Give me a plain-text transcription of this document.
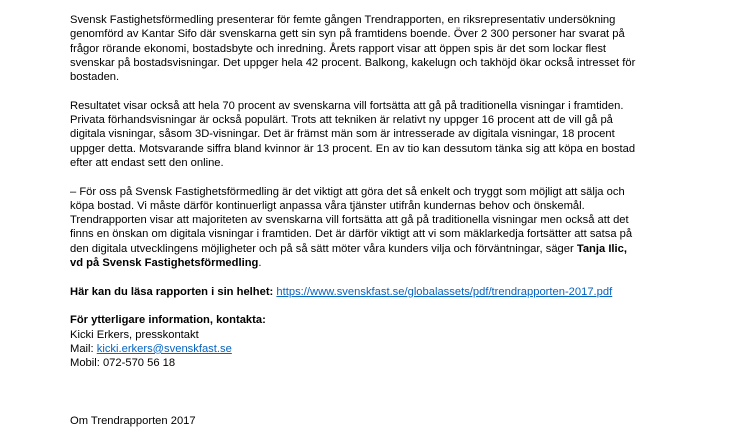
Svensk Fastighetsförmedling presenterar för femte gången Trendrapporten, en riksrepresentativ undersökning
genomförd av Kantar Sifo där svenskarna gett sin syn på framtidens boende. Över 2 300 personer har svarat på
frågor rörande ekonomi, bostadsbyte och inredning. Årets rapport visar att öppen spis är det som lockar flest
svenskar på bostadsvisningar. Det uppger hela 42 procent. Balkong, kakelugn och takhöjd ökar också intresset för
bostaden.

Resultatet visar också att hela 70 procent av svenskarna vill fortsätta att gå på traditionella visningar i framtiden.
Privata förhandsvisningar är också populärt. Trots att tekniken är relativt ny uppger 16 procent att de vill gå på
digitala visningar, såsom 3D-visningar. Det är främst män som är intresserade av digitala visningar, 18 procent
uppger detta. Motsvarande siffra bland kvinnor är 13 procent. En av tio kan dessutom tänka sig att köpa en bostad
efter att endast sett den online.

– För oss på Svensk Fastighetsförmedling är det viktigt att göra det så enkelt och tryggt som möjligt att sälja och
köpa bostad. Vi måste därför kontinuerligt anpassa våra tjänster utifrån kundernas behov och önskemål.
Trendrapporten visar att majoriteten av svenskarna vill fortsätta att gå på traditionella visningar men också att det
finns en önskan om digitala visningar i framtiden. Det är därför viktigt att vi som mäklarkedja fortsätter att satsa på
den digitala utvecklingens möjligheter och på så sätt möter våra kunders vilja och förväntningar, säger Tanja Ilic,
vd på Svensk Fastighetsförmedling.

Här kan du läsa rapporten i sin helhet: https://www.svenskfast.se/globalassets/pdf/trendrapporten-2017.pdf

För ytterligare information, kontakta:
Kicki Erkers, presskontakt
Mail: kicki.erkers@svenskfast.se
Mobil: 072-570 56 18

Om Trendrapporten 2017
